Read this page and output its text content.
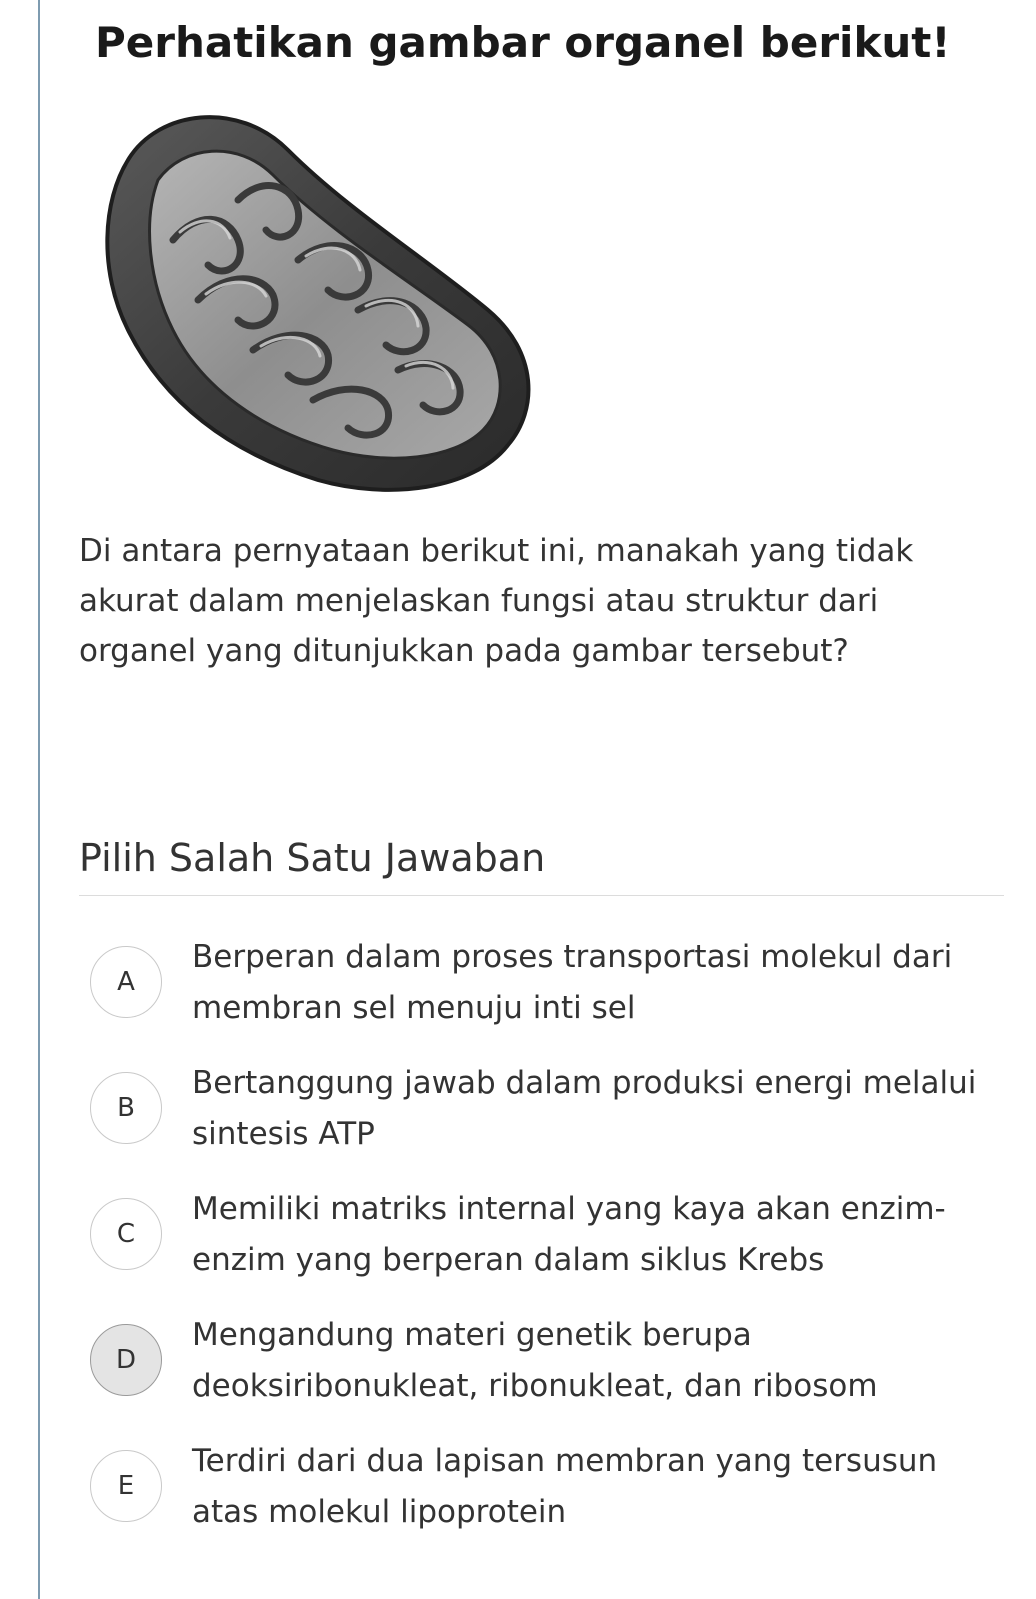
Perhatikan gambar organel berikut!
Di antara pernyataan berikut ini, manakah yang tidak akurat dalam menjelaskan fungsi atau struktur dari organel yang ditunjukkan pada gambar tersebut?
Pilih Salah Satu Jawaban
A
Berperan dalam proses transportasi molekul dari membran sel menuju inti sel
B
Bertanggung jawab dalam produksi energi melalui sintesis ATP
C
Memiliki matriks internal yang kaya akan enzim-enzim yang berperan dalam siklus Krebs
D
Mengandung materi genetik berupa deoksiribonukleat, ribonukleat, dan ribosom
E
Terdiri dari dua lapisan membran yang tersusun atas molekul lipoprotein
